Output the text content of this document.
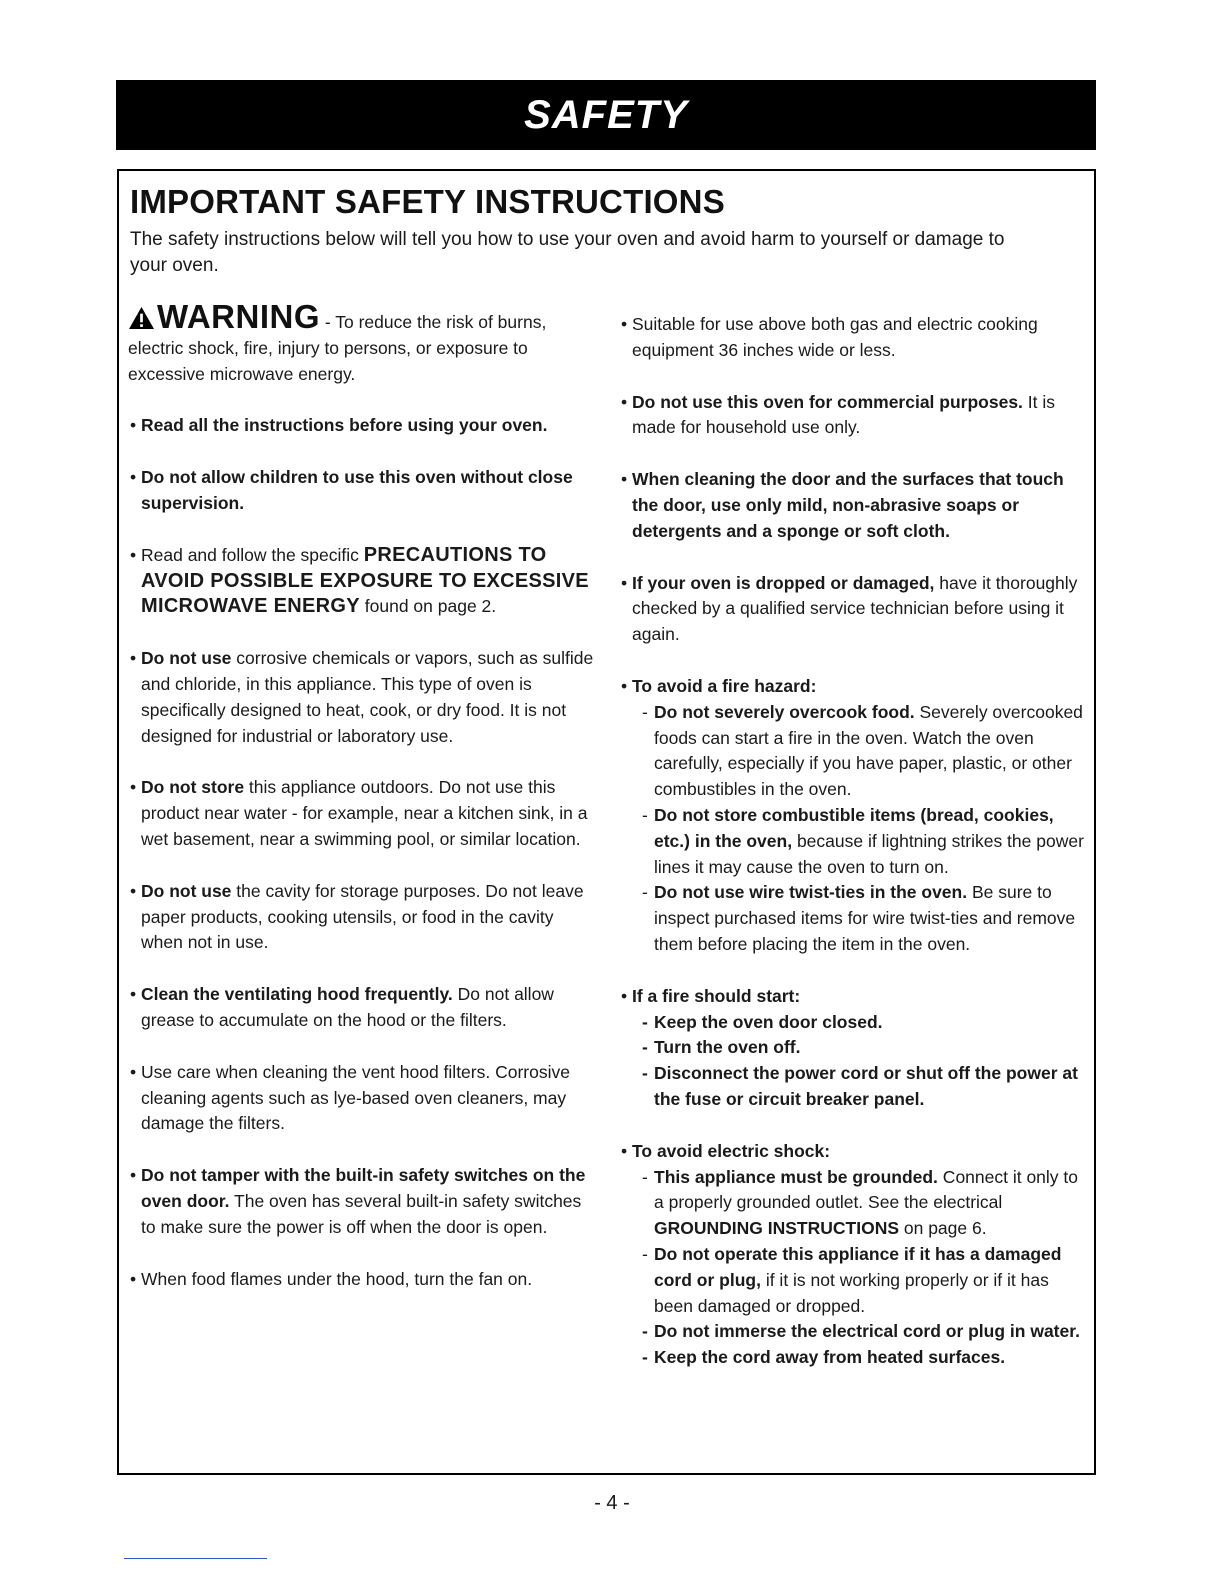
SAFETY
IMPORTANT SAFETY INSTRUCTIONS
The safety instructions below will tell you how to use your oven and avoid harm to yourself or damage to your oven.
WARNING - To reduce the risk of burns, electric shock, fire, injury to persons, or exposure to excessive microwave energy.
• Read all the instructions before using your oven.
• Do not allow children to use this oven without close supervision.
• Read and follow the specific PRECAUTIONS TO AVOID POSSIBLE EXPOSURE TO EXCESSIVE MICROWAVE ENERGY found on page 2.
• Do not use corrosive chemicals or vapors, such as sulfide and chloride, in this appliance. This type of oven is specifically designed to heat, cook, or dry food. It is not designed for industrial or laboratory use.
• Do not store this appliance outdoors. Do not use this product near water - for example, near a kitchen sink, in a wet basement, near a swimming pool, or similar location.
• Do not use the cavity for storage purposes. Do not leave paper products, cooking utensils, or food in the cavity when not in use.
• Clean the ventilating hood frequently. Do not allow grease to accumulate on the hood or the filters.
• Use care when cleaning the vent hood filters. Corrosive cleaning agents such as lye-based oven cleaners, may damage the filters.
• Do not tamper with the built-in safety switches on the oven door. The oven has several built-in safety switches to make sure the power is off when the door is open.
• When food flames under the hood, turn the fan on.
• Suitable for use above both gas and electric cooking equipment 36 inches wide or less.
• Do not use this oven for commercial purposes. It is made for household use only.
• When cleaning the door and the surfaces that touch the door, use only mild, non-abrasive soaps or detergents and a sponge or soft cloth.
• If your oven is dropped or damaged, have it thoroughly checked by a qualified service technician before using it again.
• To avoid a fire hazard:
- Do not severely overcook food. Severely overcooked foods can start a fire in the oven. Watch the oven carefully, especially if you have paper, plastic, or other combustibles in the oven.
- Do not store combustible items (bread, cookies, etc.) in the oven, because if lightning strikes the power lines it may cause the oven to turn on.
- Do not use wire twist-ties in the oven. Be sure to inspect purchased items for wire twist-ties and remove them before placing the item in the oven.
• If a fire should start:
- Keep the oven door closed.
- Turn the oven off.
- Disconnect the power cord or shut off the power at the fuse or circuit breaker panel.
• To avoid electric shock:
- This appliance must be grounded. Connect it only to a properly grounded outlet. See the electrical GROUNDING INSTRUCTIONS on page 6.
- Do not operate this appliance if it has a damaged cord or plug, if it is not working properly or if it has been damaged or dropped.
- Do not immerse the electrical cord or plug in water.
- Keep the cord away from heated surfaces.
- 4 -
